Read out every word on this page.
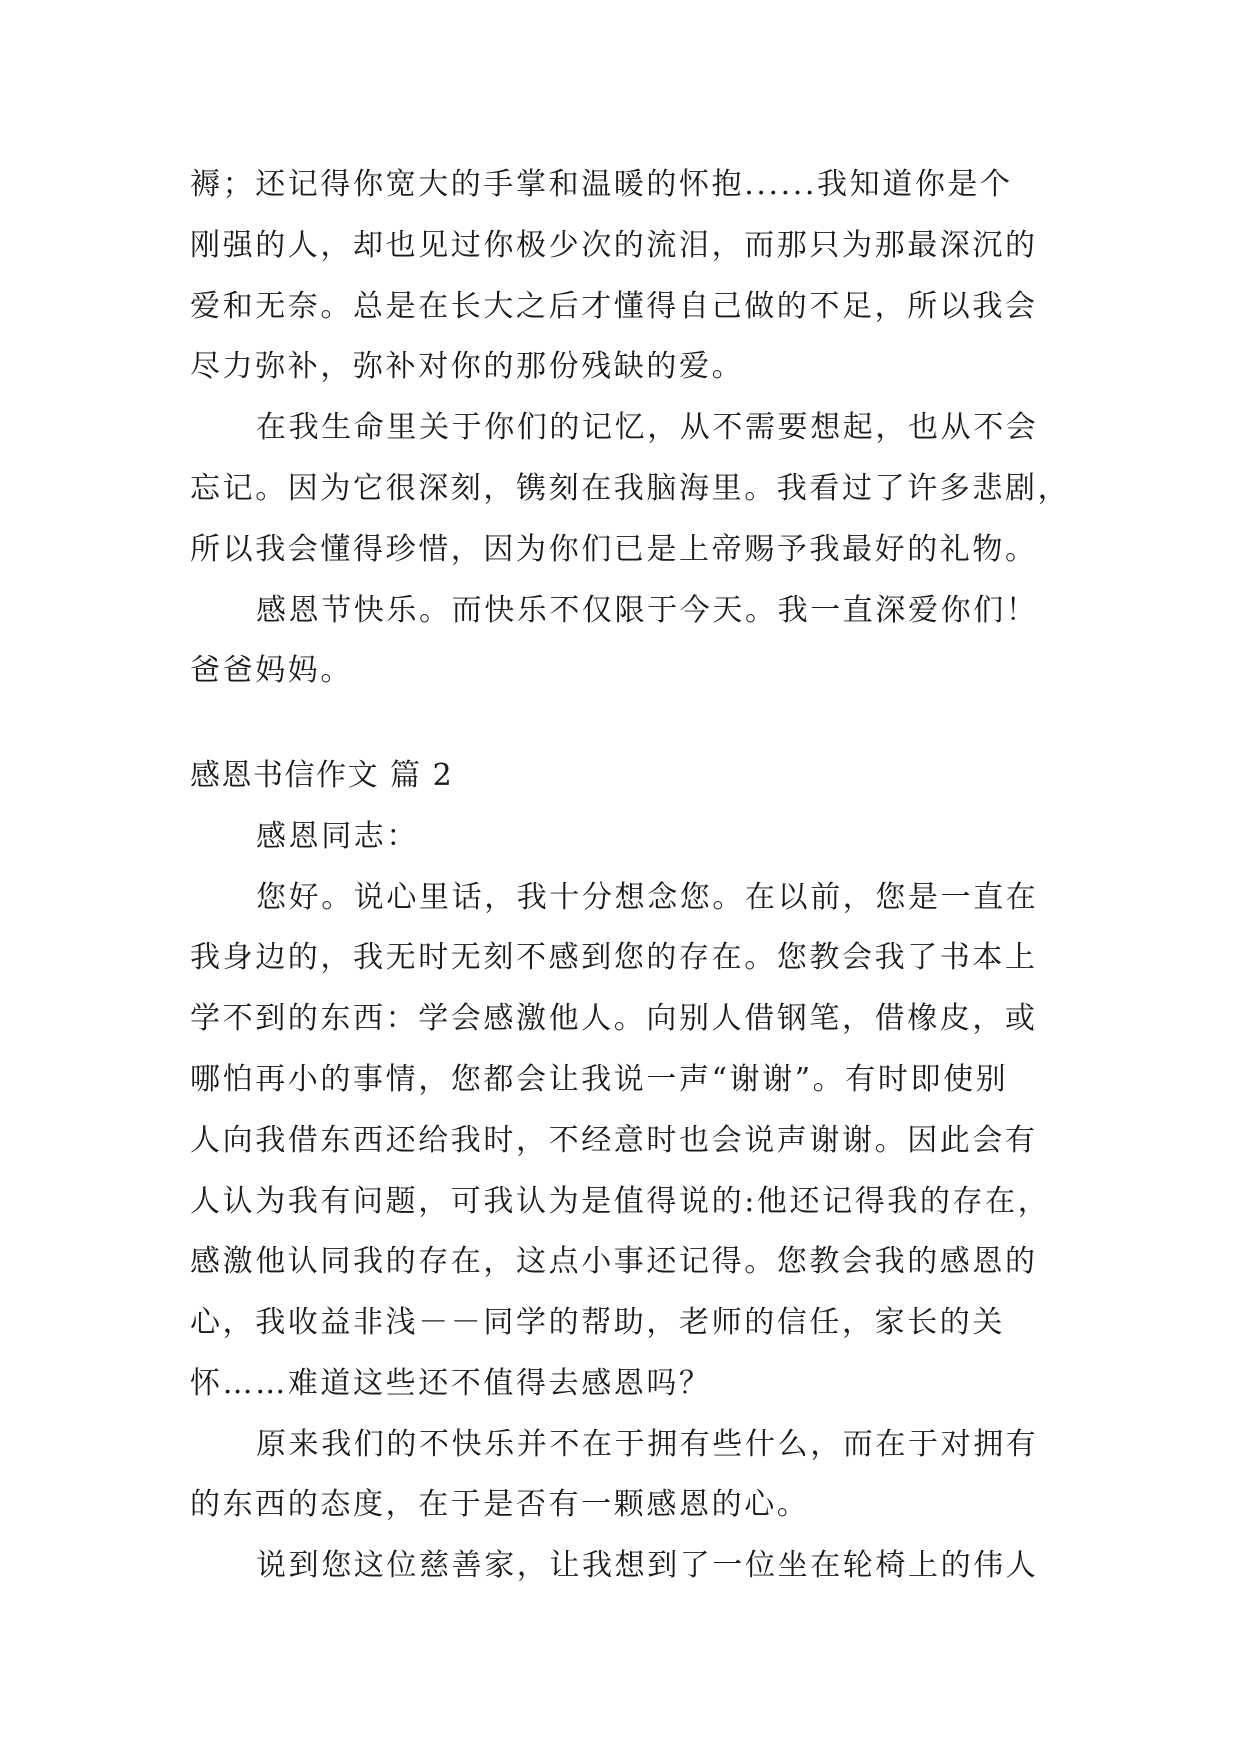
褥；还记得你宽大的手掌和温暖的怀抱......我知道你是个
刚强的人，却也见过你极少次的流泪，而那只为那最深沉的
爱和无奈。总是在长大之后才懂得自己做的不足，所以我会
尽力弥补，弥补对你的那份残缺的爱。
在我生命里关于你们的记忆，从不需要想起，也从不会
忘记。因为它很深刻，镌刻在我脑海里。我看过了许多悲剧，
所以我会懂得珍惜，因为你们已是上帝赐予我最好的礼物。
感恩节快乐。而快乐不仅限于今天。我一直深爱你们！
爸爸妈妈。
感恩书信作文 篇 2
感恩同志：
您好。说心里话，我十分想念您。在以前，您是一直在
我身边的，我无时无刻不感到您的存在。您教会我了书本上
学不到的东西：学会感激他人。向别人借钢笔，借橡皮，或
哪怕再小的事情，您都会让我说一声“谢谢”。有时即使别
人向我借东西还给我时，不经意时也会说声谢谢。因此会有
人认为我有问题，可我认为是值得说的:他还记得我的存在，
感激他认同我的存在，这点小事还记得。您教会我的感恩的
心，我收益非浅－－同学的帮助，老师的信任，家长的关
怀……难道这些还不值得去感恩吗？
原来我们的不快乐并不在于拥有些什么，而在于对拥有
的东西的态度，在于是否有一颗感恩的心。
说到您这位慈善家，让我想到了一位坐在轮椅上的伟人
